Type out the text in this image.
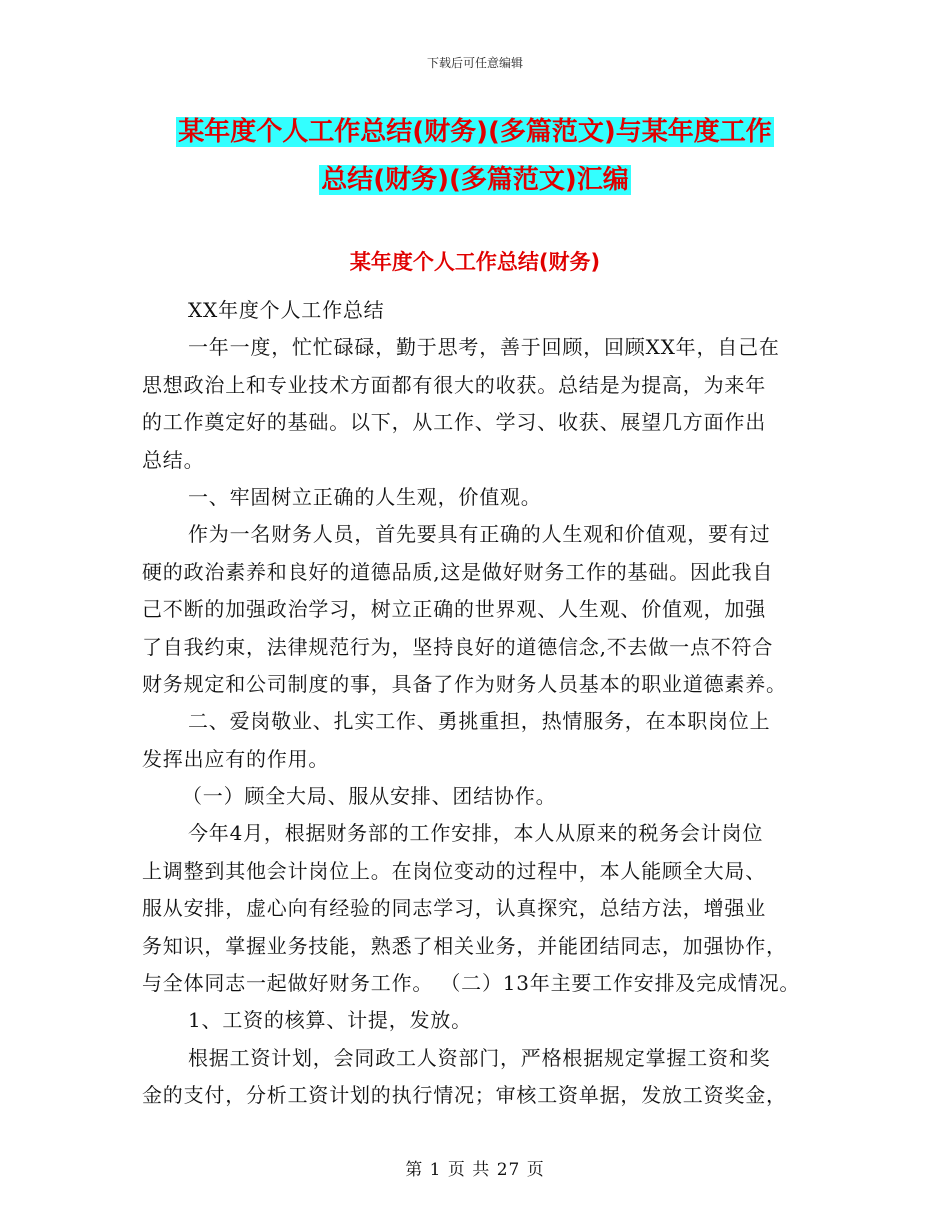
下载后可任意编辑
某年度个人工作总结(财务)(多篇范文)与某年度工作
总结(财务)(多篇范文)汇编
某年度个人工作总结(财务)
XX年度个人工作总结
一年一度，忙忙碌碌，勤于思考，善于回顾，回顾XX年，自己在
思想政治上和专业技术方面都有很大的收获。总结是为提高，为来年
的工作奠定好的基础。以下，从工作、学习、收获、展望几方面作出
总结。
一、牢固树立正确的人生观，价值观。
作为一名财务人员，首先要具有正确的人生观和价值观，要有过
硬的政治素养和良好的道德品质,这是做好财务工作的基础。因此我自
己不断的加强政治学习，树立正确的世界观、人生观、价值观，加强
了自我约束，法律规范行为，坚持良好的道德信念,不去做一点不符合
财务规定和公司制度的事，具备了作为财务人员基本的职业道德素养。
二、爱岗敬业、扎实工作、勇挑重担，热情服务，在本职岗位上
发挥出应有的作用。
（一）顾全大局、服从安排、团结协作。
今年4月，根据财务部的工作安排，本人从原来的税务会计岗位
上调整到其他会计岗位上。在岗位变动的过程中，本人能顾全大局、
服从安排，虚心向有经验的同志学习，认真探究，总结方法，增强业
务知识，掌握业务技能，熟悉了相关业务，并能团结同志，加强协作，
与全体同志一起做好财务工作。 （二）13年主要工作安排及完成情况。
1、工资的核算、计提，发放。
根据工资计划，会同政工人资部门，严格根据规定掌握工资和奖
金的支付，分析工资计划的执行情况；审核工资单据，发放工资奖金，
第 1 页 共 27 页
